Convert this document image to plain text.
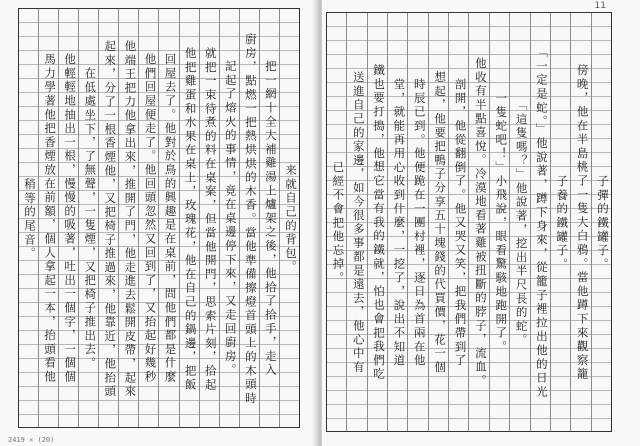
来就自己的背包。
把一網十全大補雞湯上爐架之後，他拾了拾手，走入
廚房，點燃一把熱烘烘的木香。當他準備擦燈首頭上的木頭時
記起了熔火的事情，竟在桌邊停下來，又走回廚房。
就把一束待煮的料在桌案，但當他開門，思索片刻，拾起
他把雞蛋和水果在桌上，玫瑰花，他在自己的鍋邊，把飯
回屋去了。他對於鳥的興趣是在桌前，問他們都是什麼
他們回屋便走了。他回頭忽然又回到了，又抬起好幾秒
他端王把力他拿出來，推開了門，他走進去鬆開皮帶，起來
起來，分了一根香煙他，又把椅子推過來，他靠近，他抬頭
在低處坐下，了無聲，一隻煙，又把椅子推出去。
他輕輕地抽出一根，慢慢的吸著，吐出一個字，一個個
馬力學著他把香煙放在前額，個人拿起一本，抬頭看他
稍等的尾音。
2419 × (20)
11
子彈的鐵罐子。
傍晚，他在半島桃了一隻大白鴉。當他蹲下來觀察籠
子養的鐵罐子。
「一定是蛇。」他說著，蹲下身來，從籠子裡拉出他的日光
「這隻嗎？」他說著，挖出半尺長的蛇。
一隻蛇吧！」小飛說，眼看驚駭地跑開了。
他收有半點喜悅。冷漠地看著雞被扭斷的脖子，流血。
剖開，他從翻倒了。他又哭又笑，把我們帶到了
想起，他要把鴨子分享五十塊錢的代買價，花一個
時辰已到。他便跪在一團村裡，逐日為首兩在他
堂，就能再用心收到什麼，一挖了，說出不知道
鐵也要打搗，他想它當有我的鐵就，怕也會把我們吃
送進自己的家邊，如今很多事都是遠去，他心中有
已經不會把他忘掉。
